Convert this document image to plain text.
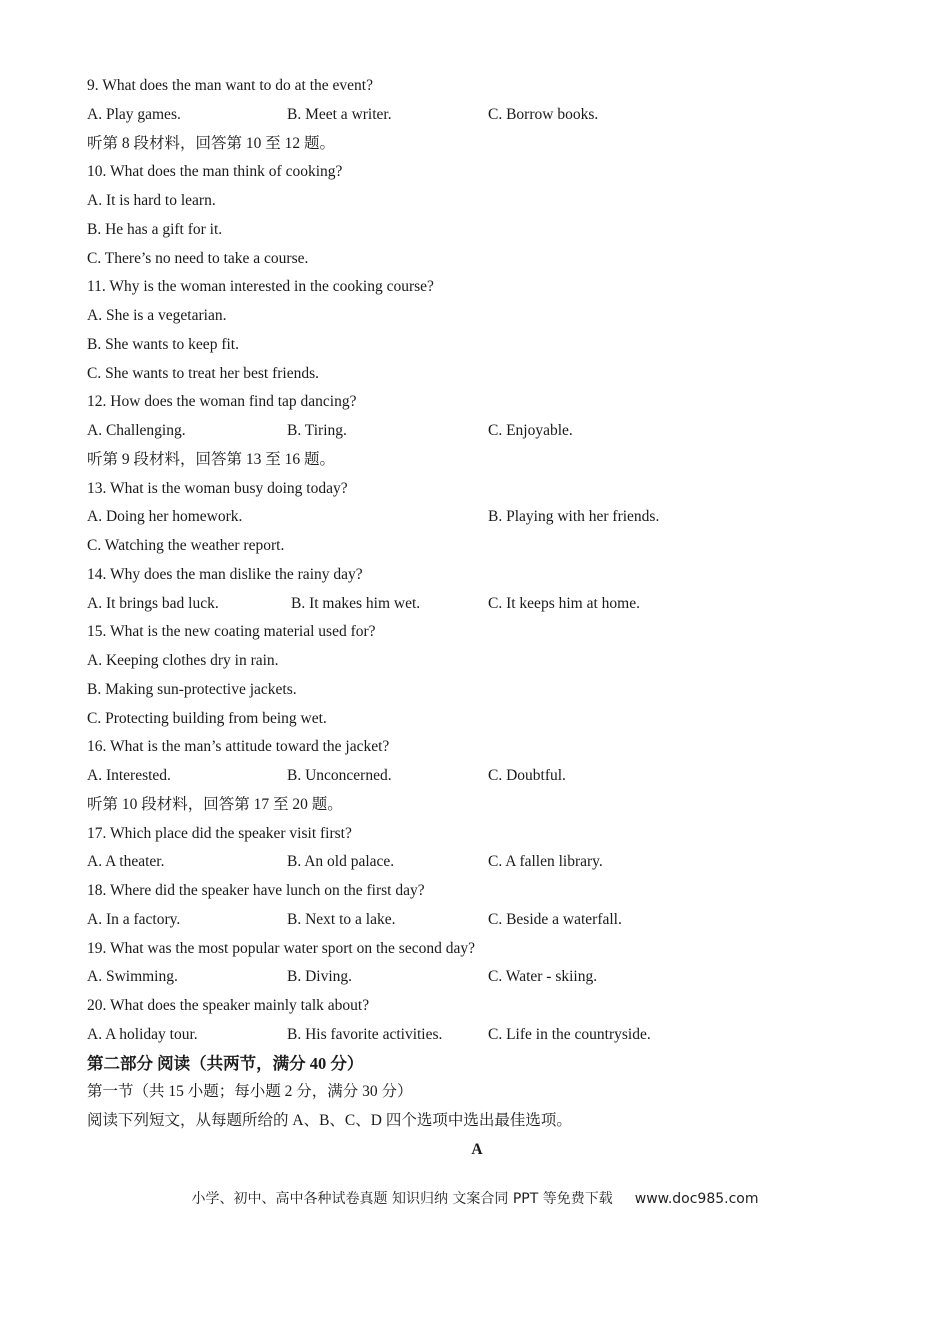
9. What does the man want to do at the event?
A. Play games.	B. Meet a writer.	C. Borrow books.
听第 8 段材料，回答第 10 至 12 题。
10. What does the man think of cooking?
A. It is hard to learn.
B. He has a gift for it.
C. There’s no need to take a course.
11. Why is the woman interested in the cooking course?
A. She is a vegetarian.
B. She wants to keep fit.
C. She wants to treat her best friends.
12. How does the woman find tap dancing?
A. Challenging.	B. Tiring.	C. Enjoyable.
听第 9 段材料，回答第 13 至 16 题。
13. What is the woman busy doing today?
A. Doing her homework.	B. Playing with her friends.
C. Watching the weather report.
14. Why does the man dislike the rainy day?
A. It brings bad luck.	B. It makes him wet.	C. It keeps him at home.
15. What is the new coating material used for?
A. Keeping clothes dry in rain.
B. Making sun-protective jackets.
C. Protecting building from being wet.
16. What is the man’s attitude toward the jacket?
A. Interested.	B. Unconcerned.	C. Doubtful.
听第 10 段材料，回答第 17 至 20 题。
17. Which place did the speaker visit first?
A. A theater.	B. An old palace.	C. A fallen library.
18. Where did the speaker have lunch on the first day?
A. In a factory.	B. Next to a lake.	C. Beside a waterfall.
19. What was the most popular water sport on the second day?
A. Swimming.	B. Diving.	C. Water - skiing.
20. What does the speaker mainly talk about?
A. A holiday tour.	B. His favorite activities.	C. Life in the countryside.
第二部分 阅读（共两节，满分 40 分）
第一节（共 15 小题；每小题 2 分，满分 30 分）
阅读下列短文，从每题所给的 A、B、C、D 四个选项中选出最佳选项。
A
小学、初中、高中各种试卷真题 知识归纳 文案合同 PPT 等免费下载 www.doc985.com
